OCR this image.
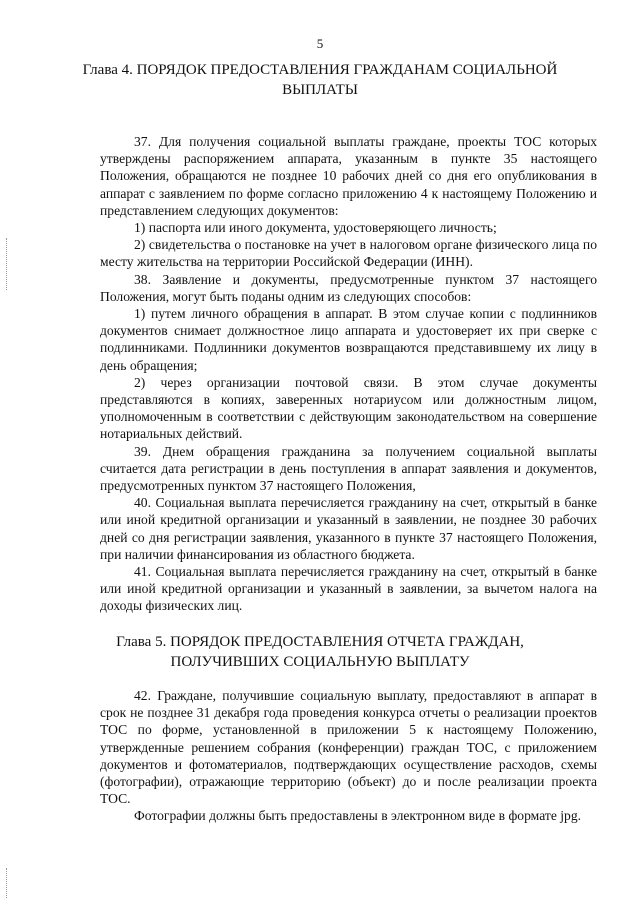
5
Глава 4. ПОРЯДОК ПРЕДОСТАВЛЕНИЯ ГРАЖДАНАМ СОЦИАЛЬНОЙ
ВЫПЛАТЫ

37. Для получения социальной выплаты граждане, проекты ТОС которых утверждены распоряжением аппарата, указанным в пункте 35 настоящего Положения, обращаются не позднее 10 рабочих дней со дня его опубликования в аппарат с заявлением по форме согласно приложению 4 к настоящему Положению и представлением следующих документов:

1) паспорта или иного документа, удостоверяющего личность;

2) свидетельства о постановке на учет в налоговом органе физического лица по месту жительства на территории Российской Федерации (ИНН).

38. Заявление и документы, предусмотренные пунктом 37 настоящего Положения, могут быть поданы одним из следующих способов:

1) путем личного обращения в аппарат. В этом случае копии с подлинников документов снимает должностное лицо аппарата и удостоверяет их при сверке с подлинниками. Подлинники документов возвращаются представившему их лицу в день обращения;

2) через организации почтовой связи. В этом случае документы представляются в копиях, заверенных нотариусом или должностным лицом, уполномоченным в соответствии с действующим законодательством на совершение нотариальных действий.

39. Днем обращения гражданина за получением социальной выплаты считается дата регистрации в день поступления в аппарат заявления и документов, предусмотренных пунктом 37 настоящего Положения,

40. Социальная выплата перечисляется гражданину на счет, открытый в банке или иной кредитной организации и указанный в заявлении, не позднее 30 рабочих дней со дня регистрации заявления, указанного в пункте 37 настоящего Положения, при наличии финансирования из областного бюджета.

41. Социальная выплата перечисляется гражданину на счет, открытый в банке или иной кредитной организации и указанный в заявлении, за вычетом налога на доходы физических лиц.

Глава 5. ПОРЯДОК ПРЕДОСТАВЛЕНИЯ ОТЧЕТА ГРАЖДАН,
ПОЛУЧИВШИХ СОЦИАЛЬНУЮ ВЫПЛАТУ

42. Граждане, получившие социальную выплату, предоставляют в аппарат в срок не позднее 31 декабря года проведения конкурса отчеты о реализации проектов ТОС по форме, установленной в приложении 5 к настоящему Положению, утвержденные решением собрания (конференции) граждан ТОС, с приложением документов и фотоматериалов, подтверждающих осуществление расходов, схемы (фотографии), отражающие территорию (объект) до и после реализации проекта ТОС.

Фотографии должны быть предоставлены в электронном виде в формате jpg.
